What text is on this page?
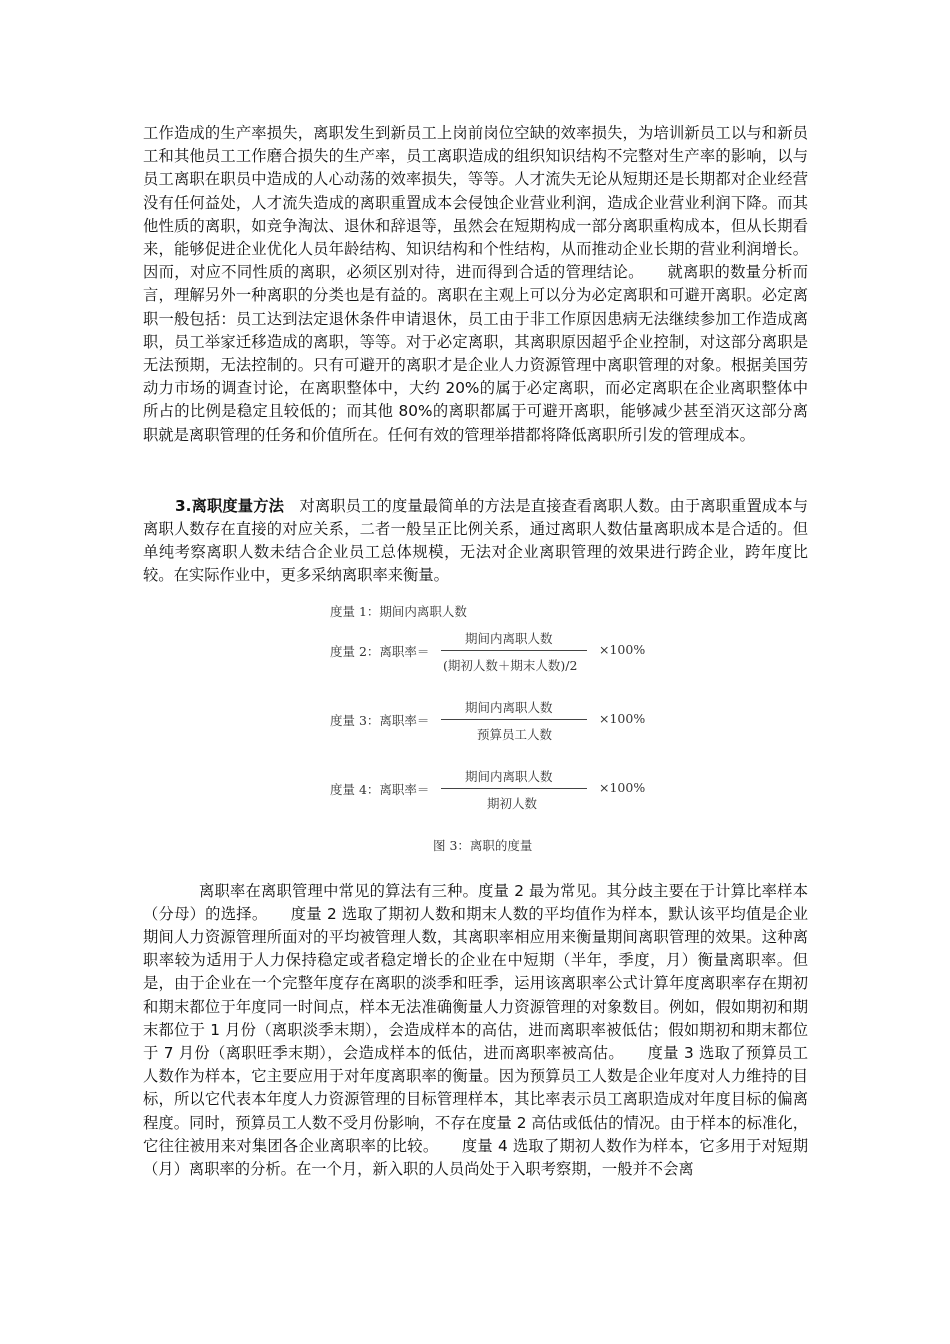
工作造成的生产率损失，离职发生到新员工上岗前岗位空缺的效率损失，为培训新员工以与和新员工和其他员工工作磨合损失的生产率，员工离职造成的组织知识结构不完整对生产率的影响，以与员工离职在职员中造成的人心动荡的效率损失，等等。人才流失无论从短期还是长期都对企业经营没有任何益处，人才流失造成的离职重置成本会侵蚀企业营业利润，造成企业营业利润下降。而其他性质的离职，如竞争淘汰、退休和辞退等，虽然会在短期构成一部分离职重构成本，但从长期看来，能够促进企业优化人员年龄结构、知识结构和个性结构，从而推动企业长期的营业利润增长。因而，对应不同性质的离职，必须区别对待，进而得到合适的管理结论。　　就离职的数量分析而言，理解另外一种离职的分类也是有益的。离职在主观上可以分为必定离职和可避开离职。必定离职一般包括：员工达到法定退休条件申请退休，员工由于非工作原因患病无法继续参加工作造成离职，员工举家迁移造成的离职，等等。对于必定离职，其离职原因超乎企业控制，对这部分离职是无法预期，无法控制的。只有可避开的离职才是企业人力资源管理中离职管理的对象。根据美国劳动力市场的调查讨论，在离职整体中，大约 20%的属于必定离职，而必定离职在企业离职整体中所占的比例是稳定且较低的；而其他 80%的离职都属于可避开离职，能够减少甚至消灭这部分离职就是离职管理的任务和价值所在。任何有效的管理举措都将降低离职所引发的管理成本。

3.离职度量方法　对离职员工的度量最简单的方法是直接查看离职人数。由于离职重置成本与离职人数存在直接的对应关系，二者一般呈正比例关系，通过离职人数估量离职成本是合适的。但单纯考察离职人数未结合企业员工总体规模，无法对企业离职管理的效果进行跨企业，跨年度比较。在实际作业中，更多采纳离职率来衡量。

度量 1：期间内离职人数
度量 2：离职率＝
期间内离职人数
(期初人数＋期末人数)/2
×100%
度量 3：离职率＝
期间内离职人数
预算员工人数
×100%
度量 4：离职率＝
期间内离职人数
期初人数
×100%
图 3：离职的度量

离职率在离职管理中常见的算法有三种。度量 2 最为常见。其分歧主要在于计算比率样本（分母）的选择。　　度量 2 选取了期初人数和期末人数的平均值作为样本，默认该平均值是企业期间人力资源管理所面对的平均被管理人数，其离职率相应用来衡量期间离职管理的效果。这种离职率较为适用于人力保持稳定或者稳定增长的企业在中短期（半年，季度，月）衡量离职率。但是，由于企业在一个完整年度存在离职的淡季和旺季，运用该离职率公式计算年度离职率存在期初和期末都位于年度同一时间点，样本无法准确衡量人力资源管理的对象数目。例如，假如期初和期末都位于 1 月份（离职淡季末期），会造成样本的高估，进而离职率被低估；假如期初和期末都位于 7 月份（离职旺季末期），会造成样本的低估，进而离职率被高估。　　度量 3 选取了预算员工人数作为样本，它主要应用于对年度离职率的衡量。因为预算员工人数是企业年度对人力维持的目标，所以它代表本年度人力资源管理的目标管理样本，其比率表示员工离职造成对年度目标的偏离程度。同时，预算员工人数不受月份影响，不存在度量 2 高估或低估的情况。由于样本的标准化，它往往被用来对集团各企业离职率的比较。　　度量 4 选取了期初人数作为样本，它多用于对短期（月）离职率的分析。在一个月，新入职的人员尚处于入职考察期，一般并不会离
